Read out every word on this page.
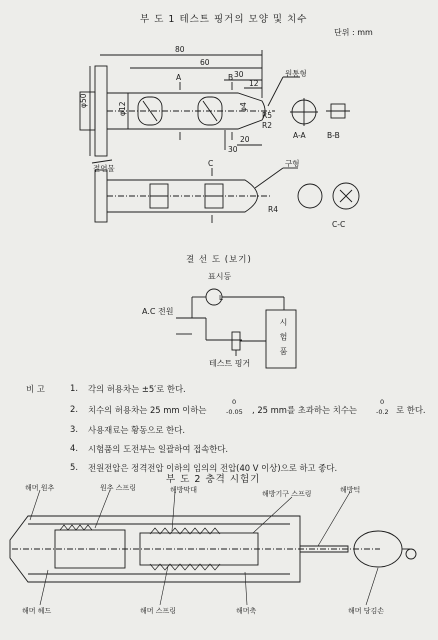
부 도 1 테스트 핑거의 모양 및 치수
단위 : mm
80
60
30
12
φ50
φ12	φ4
20
R2
R4
R5
30
원통형
절연물
구형
A-A	B-B
C-C
A	B
C
L
결 선 도 (보기)
표시등
A.C 전원
테스트 핑거
시 험 품
비 고	1. 각의 허용차는 ±5′로 한다.
2. 치수의 허용차는 25 mm 이하는
0
-0.05 , 25 mm를 초과하는 치수는
0
-0.2 로 한다.
3. 사용재료는 황동으로 한다.
4. 시험품의 도전부는 일괄하여 접속한다.
5. 전원전압은 정격전압 이하의 임의의 전압(40 V 이상)으로 하고 좋다.
부 도 2 충격 시험기
해머 원추	원추 스프링	해방막대	해방기구 스프링	해방턱
해머 헤드	해머 스프링	해머축	해머 당김손
